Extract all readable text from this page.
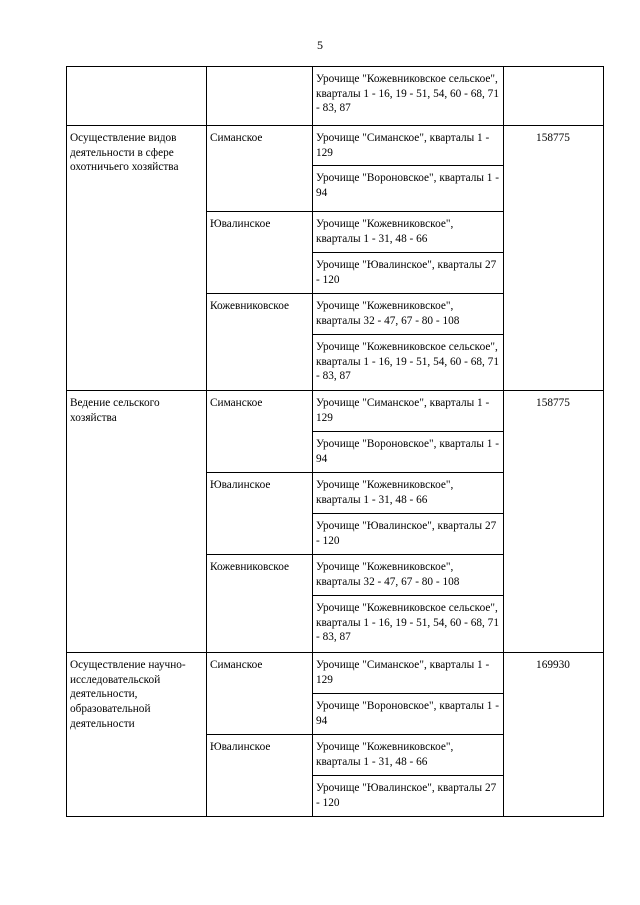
5
		Урочище "Кожевниковское сельское", кварталы 1 - 16, 19 - 51, 54, 60 - 68, 71 - 83, 87	
Осуществление видов деятельности в сфере охотничьего хозяйства	Симанское	Урочище "Симанское", кварталы 1 - 129	158775
		Урочище "Вороновское", кварталы 1 - 94	
	Ювалинское	Урочище "Кожевниковское", кварталы 1 - 31, 48 - 66	
		Урочище "Ювалинское", кварталы 27 - 120	
	Кожевниковское	Урочище "Кожевниковское", кварталы 32 - 47, 67 - 80 - 108	
		Урочище "Кожевниковское сельское", кварталы 1 - 16, 19 - 51, 54, 60 - 68, 71 - 83, 87	
Ведение сельского хозяйства	Симанское	Урочище "Симанское", кварталы 1 - 129	158775
		Урочище "Вороновское", кварталы 1 - 94	
	Ювалинское	Урочище "Кожевниковское", кварталы 1 - 31, 48 - 66	
		Урочище "Ювалинское", кварталы 27 - 120	
	Кожевниковское	Урочище "Кожевниковское", кварталы 32 - 47, 67 - 80 - 108	
		Урочище "Кожевниковское сельское", кварталы 1 - 16, 19 - 51, 54, 60 - 68, 71 - 83, 87	
Осуществление научно-исследовательской деятельности, образовательной деятельности	Симанское	Урочище "Симанское", кварталы 1 - 129	169930
		Урочище "Вороновское", кварталы 1 - 94	
	Ювалинское	Урочище "Кожевниковское", кварталы 1 - 31, 48 - 66	
		Урочище "Ювалинское", кварталы 27 - 120	
